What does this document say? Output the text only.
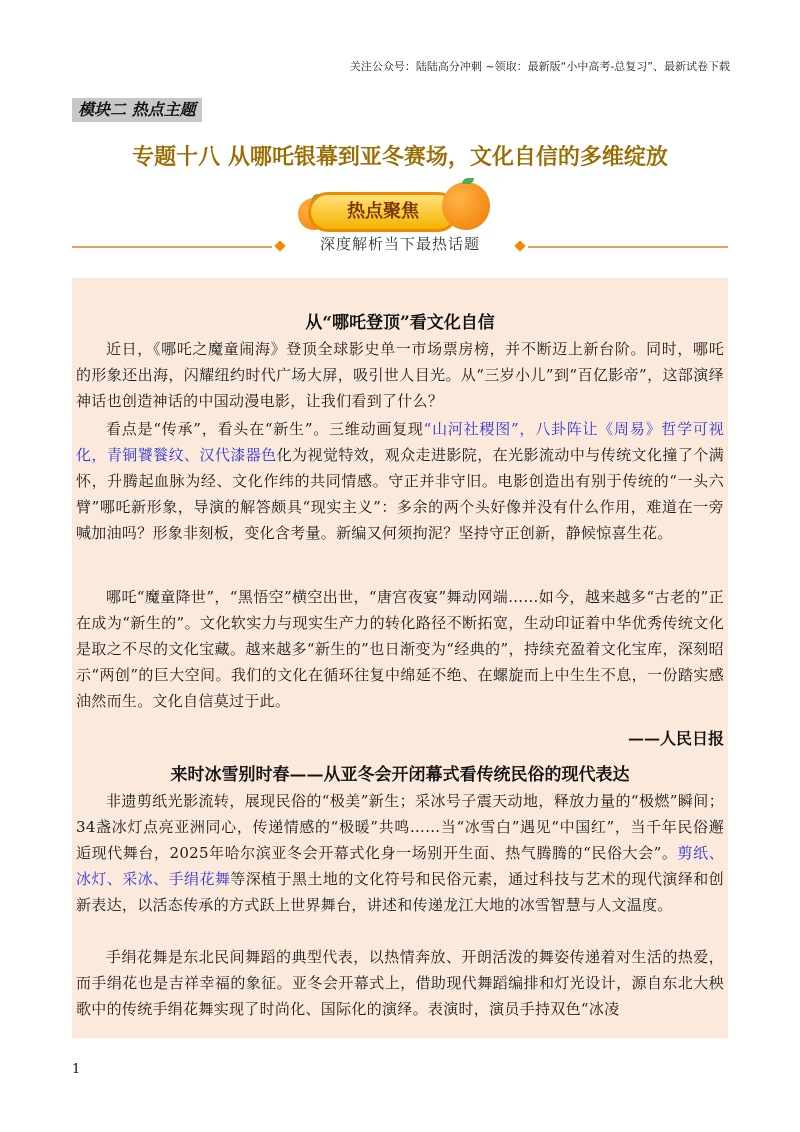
关注公众号：陆陆高分冲刺 ~领取：最新版“小中高考-总复习”、最新试卷下载
模块二 热点主题
专题十八 从哪吒银幕到亚冬赛场，文化自信的多维绽放
热点聚焦
深度解析当下最热话题
从“哪吒登顶”看文化自信
近日，《哪吒之魔童闹海》登顶全球影史单一市场票房榜，并不断迈上新台阶。同时，哪吒的形象还出海，闪耀纽约时代广场大屏，吸引世人目光。从“三岁小儿”到“百亿影帝”，这部演绎神话也创造神话的中国动漫电影，让我们看到了什么？
看点是“传承”，看头在“新生”。三维动画复现“山河社稷图”，八卦阵让《周易》哲学可视化，青铜饕餮纹、汉代漆器色化为视觉特效，观众走进影院，在光影流动中与传统文化撞了个满怀，升腾起血脉为经、文化作纬的共同情感。守正并非守旧。电影创造出有别于传统的“一头六臂”哪吒新形象，导演的解答颇具“现实主义”：多余的两个头好像并没有什么作用，难道在一旁喊加油吗？形象非刻板，变化含考量。新编又何须拘泥？坚持守正创新，静候惊喜生花。
哪吒“魔童降世”，“黑悟空”横空出世，“唐宫夜宴”舞动网端……如今，越来越多“古老的”正在成为“新生的”。文化软实力与现实生产力的转化路径不断拓宽，生动印证着中华优秀传统文化是取之不尽的文化宝藏。越来越多“新生的”也日渐变为“经典的”，持续充盈着文化宝库，深刻昭示“两创”的巨大空间。我们的文化在循环往复中绵延不绝、在螺旋而上中生生不息，一份踏实感油然而生。文化自信莫过于此。
——人民日报
来时冰雪别时春——从亚冬会开闭幕式看传统民俗的现代表达
非遗剪纸光影流转，展现民俗的“极美”新生；采冰号子震天动地，释放力量的“极燃”瞬间；34盏冰灯点亮亚洲同心，传递情感的“极暖”共鸣……当“冰雪白”遇见“中国红”，当千年民俗邂逅现代舞台，2025年哈尔滨亚冬会开幕式化身一场别开生面、热气腾腾的“民俗大会”。剪纸、冰灯、采冰、手绢花舞等深植于黑土地的文化符号和民俗元素，通过科技与艺术的现代演绎和创新表达，以活态传承的方式跃上世界舞台，讲述和传递龙江大地的冰雪智慧与人文温度。
手绢花舞是东北民间舞蹈的典型代表，以热情奔放、开朗活泼的舞姿传递着对生活的热爱，而手绢花也是吉祥幸福的象征。亚冬会开幕式上，借助现代舞蹈编排和灯光设计，源自东北大秧歌中的传统手绢花舞实现了时尚化、国际化的演绎。表演时，演员手持双色“冰凌
1
